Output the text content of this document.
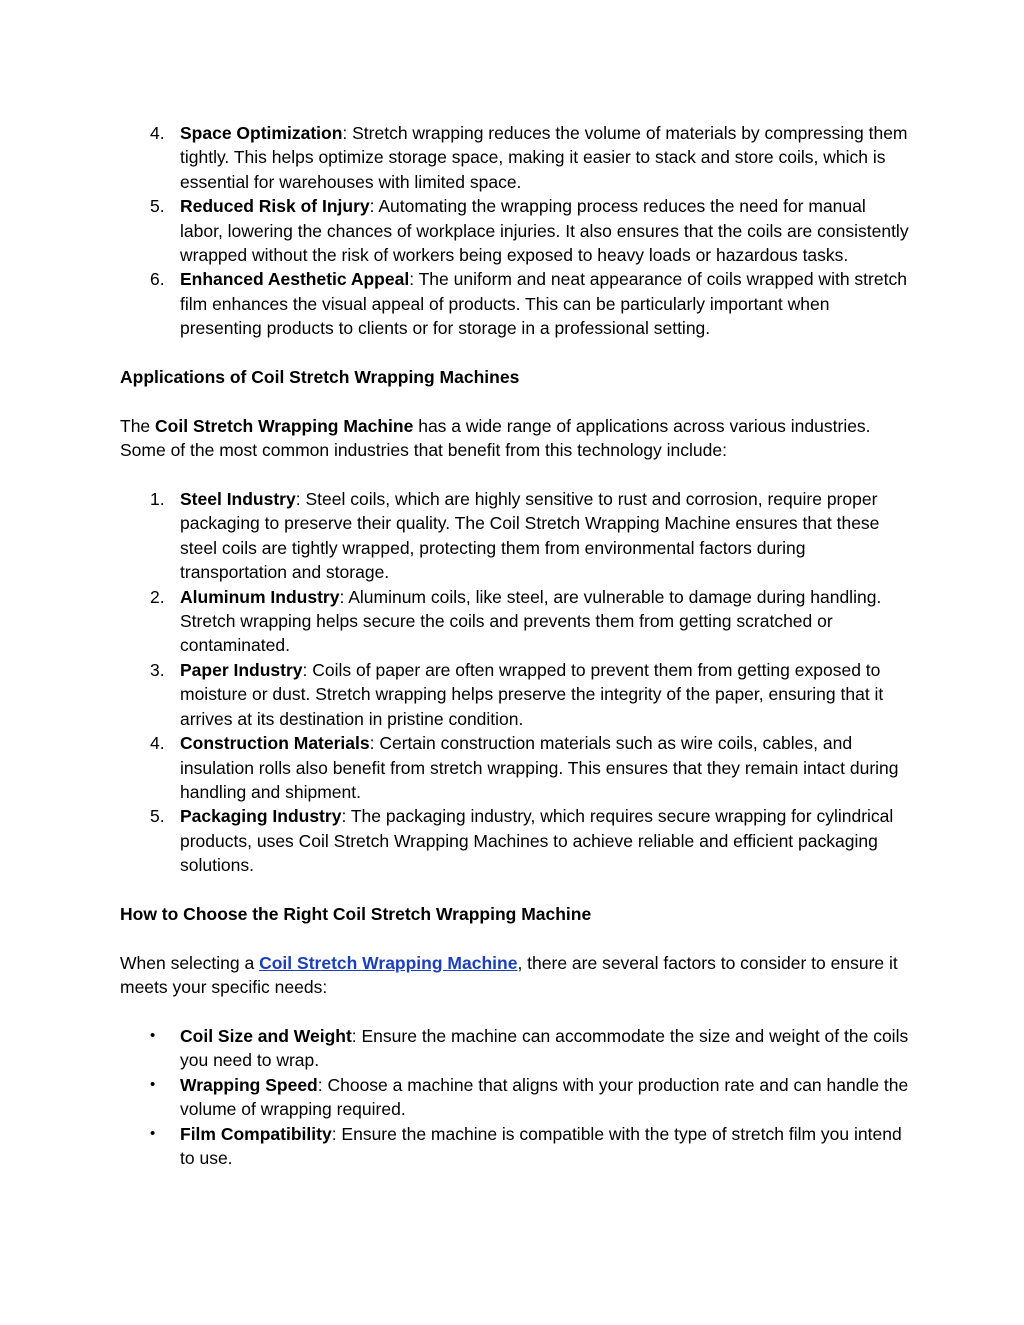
4. Space Optimization: Stretch wrapping reduces the volume of materials by compressing them tightly. This helps optimize storage space, making it easier to stack and store coils, which is essential for warehouses with limited space.
5. Reduced Risk of Injury: Automating the wrapping process reduces the need for manual labor, lowering the chances of workplace injuries. It also ensures that the coils are consistently wrapped without the risk of workers being exposed to heavy loads or hazardous tasks.
6. Enhanced Aesthetic Appeal: The uniform and neat appearance of coils wrapped with stretch film enhances the visual appeal of products. This can be particularly important when presenting products to clients or for storage in a professional setting.

Applications of Coil Stretch Wrapping Machines

The Coil Stretch Wrapping Machine has a wide range of applications across various industries. Some of the most common industries that benefit from this technology include:

1. Steel Industry: Steel coils, which are highly sensitive to rust and corrosion, require proper packaging to preserve their quality. The Coil Stretch Wrapping Machine ensures that these steel coils are tightly wrapped, protecting them from environmental factors during transportation and storage.
2. Aluminum Industry: Aluminum coils, like steel, are vulnerable to damage during handling. Stretch wrapping helps secure the coils and prevents them from getting scratched or contaminated.
3. Paper Industry: Coils of paper are often wrapped to prevent them from getting exposed to moisture or dust. Stretch wrapping helps preserve the integrity of the paper, ensuring that it arrives at its destination in pristine condition.
4. Construction Materials: Certain construction materials such as wire coils, cables, and insulation rolls also benefit from stretch wrapping. This ensures that they remain intact during handling and shipment.
5. Packaging Industry: The packaging industry, which requires secure wrapping for cylindrical products, uses Coil Stretch Wrapping Machines to achieve reliable and efficient packaging solutions.

How to Choose the Right Coil Stretch Wrapping Machine

When selecting a Coil Stretch Wrapping Machine, there are several factors to consider to ensure it meets your specific needs:

• Coil Size and Weight: Ensure the machine can accommodate the size and weight of the coils you need to wrap.
• Wrapping Speed: Choose a machine that aligns with your production rate and can handle the volume of wrapping required.
• Film Compatibility: Ensure the machine is compatible with the type of stretch film you intend to use.
